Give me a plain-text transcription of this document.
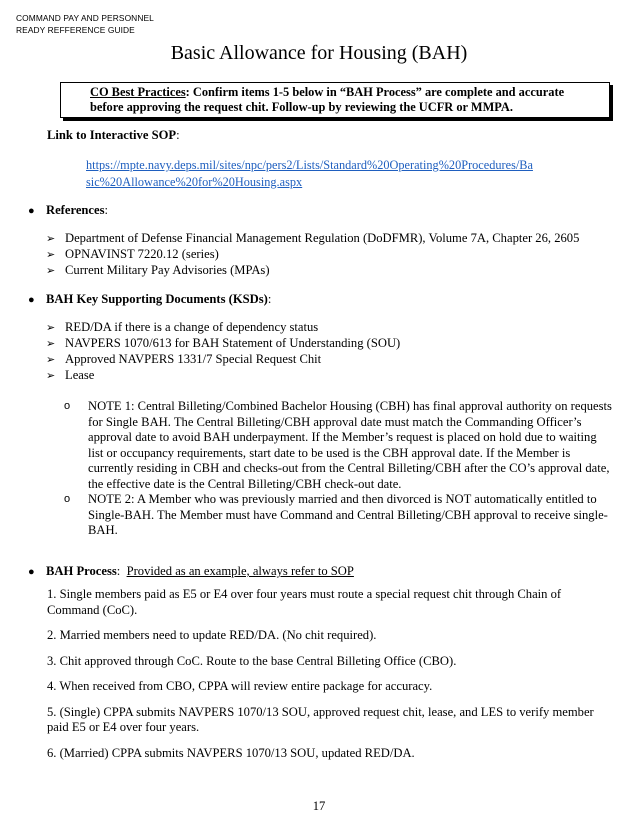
COMMAND PAY AND PERSONNEL
READY REFFERENCE GUIDE
Basic Allowance for Housing (BAH)
CO Best Practices: Confirm items 1-5 below in “BAH Process” are complete and accurate
before approving the request chit. Follow-up by reviewing the UCFR or MMPA.
Link to Interactive SOP:
https://mpte.navy.deps.mil/sites/npc/pers2/Lists/Standard%20Operating%20Procedures/Ba
sic%20Allowance%20for%20Housing.aspx
● References:
➢ Department of Defense Financial Management Regulation (DoDFMR), Volume 7A, Chapter 26, 2605
➢ OPNAVINST 7220.12 (series)
➢ Current Military Pay Advisories (MPAs)
● BAH Key Supporting Documents (KSDs):
➢ RED/DA if there is a change of dependency status
➢ NAVPERS 1070/613 for BAH Statement of Understanding (SOU)
➢ Approved NAVPERS 1331/7 Special Request Chit
➢ Lease
o NOTE 1: Central Billeting/Combined Bachelor Housing (CBH) has final approval authority on requests for Single BAH. The Central Billeting/CBH approval date must match the Commanding Officer’s approval date to avoid BAH underpayment. If the Member’s request is placed on hold due to waiting list or occupancy requirements, start date to be used is the CBH approval date. If the Member is currently residing in CBH and checks-out from the Central Billeting/CBH after the CO’s approval date, the effective date is the Central Billeting/CBH check-out date.
o NOTE 2: A Member who was previously married and then divorced is NOT automatically entitled to Single-BAH. The Member must have Command and Central Billeting/CBH approval to receive single-BAH.
● BAH Process:  Provided as an example, always refer to SOP

1. Single members paid as E5 or E4 over four years must route a special request chit through Chain of Command (CoC).

2. Married members need to update RED/DA. (No chit required).

3. Chit approved through CoC. Route to the base Central Billeting Office (CBO).

4. When received from CBO, CPPA will review entire package for accuracy.

5. (Single) CPPA submits NAVPERS 1070/13 SOU, approved request chit, lease, and LES to verify member paid E5 or E4 over four years.

6. (Married) CPPA submits NAVPERS 1070/13 SOU, updated RED/DA.

17
